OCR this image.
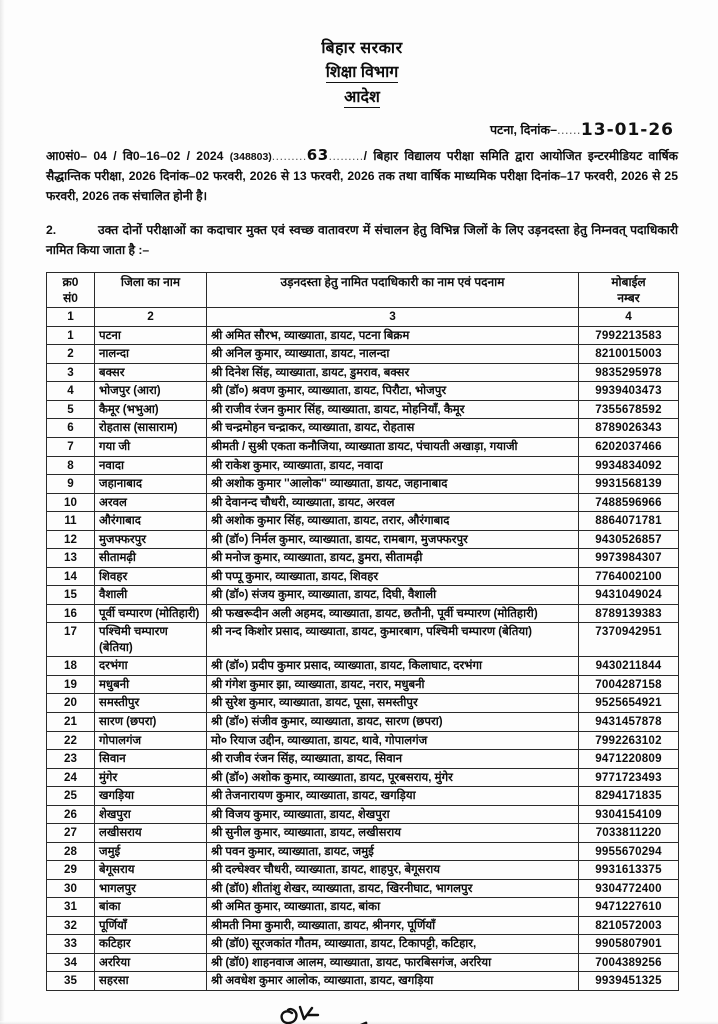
बिहार सरकार
शिक्षा विभाग
आदेश
पटना, दिनांक–......13-01-26
आ0सं0– 04 / वि0–16–02 / 2024 (348803).........63........./ बिहार विद्यालय परीक्षा समिति द्वारा आयोजित इन्टरमीडियट वार्षिक सैद्धान्तिक परीक्षा, 2026 दिनांक–02 फरवरी, 2026 से 13 फरवरी, 2026 तक तथा वार्षिक माध्यमिक परीक्षा दिनांक–17 फरवरी, 2026 से 25 फरवरी, 2026 तक संचालित होनी है।
2.	उक्त दोनों परीक्षाओं का कदाचार मुक्त एवं स्वच्छ वातावरण में संचालन हेतु विभिन्न जिलों के लिए उड़नदस्ता हेतु निम्नवत् पदाधिकारी नामित किया जाता है :–
क्र0
सं0
	जिला का नाम	उड़नदस्ता हेतु नामित पदाधिकारी का नाम एवं पदनाम	मोबाईल
नम्बर

1	2	3	4
1	पटना	श्री अमित सौरभ, व्याख्याता, डायट, पटना बिक्रम	7992213583
2	नालन्दा	श्री अनिल कुमार, व्याख्याता, डायट, नालन्दा	8210015003
3	बक्सर	श्री दिनेश सिंह, व्याख्याता, डायट, डुमराव, बक्सर	9835295978
4	भोजपुर (आरा)	श्री (डॉ०) श्रवण कुमार, व्याख्याता, डायट, पिरौटा, भोजपुर	9939403473
5	कैमूर (भभुआ)	श्री राजीव रंजन कुमार सिंह, व्याख्याता, डायट, मोहनियाँ, कैमूर	7355678592
6	रोहतास (सासाराम)	श्री चन्द्रमोहन चन्द्राकर, व्याख्याता, डायट, रोहतास	8789026343
7	गया जी	श्रीमती / सुश्री एकता कनौजिया, व्याख्याता डायट, पंचायती अखाड़ा, गयाजी	6202037466
8	नवादा	श्री राकेश कुमार, व्याख्याता, डायट, नवादा	9934834092
9	जहानाबाद	श्री अशोक कुमार ''आलोक'' व्याख्याता, डायट, जहानाबाद	9931568139
10	अरवल	श्री देवानन्द चौधरी, व्याख्याता, डायट, अरवल	7488596966
11	औरंगाबाद	श्री अशोक कुमार सिंह, व्याख्याता, डायट, तरार, औरंगाबाद	8864071781
12	मुजफ्फरपुर	श्री (डॉ०) निर्मल कुमार, व्याख्याता, डायट, रामबाग, मुजफ्फरपुर	9430526857
13	सीतामढ़ी	श्री मनोज कुमार, व्याख्याता, डायट, डुमरा, सीतामढ़ी	9973984307
14	शिवहर	श्री पप्पू कुमार, व्याख्याता, डायट, शिवहर	7764002100
15	वैशाली	श्री (डॉ०) संजय कुमार, व्याख्याता, डायट, दिघी, वैशाली	9431049024
16	पूर्वी चम्पारण (मोतिहारी)	श्री फखरूदीन अली अहमद, व्याख्याता, डायट, छतौनी, पूर्वी चम्पारण (मोतिहारी)	8789139383
17	पश्चिमी चम्पारण (बेतिया)	श्री नन्द किशोर प्रसाद, व्याख्याता, डायट, कुमारबाग, पश्चिमी चम्पारण (बेतिया)	7370942951
18	दरभंगा	श्री (डॉ०) प्रदीप कुमार प्रसाद, व्याख्याता, डायट, किलाघाट, दरभंगा	9430211844
19	मधुबनी	श्री गंगेश कुमार झा, व्याख्याता, डायट, नरार, मधुबनी	7004287158
20	समस्तीपुर	श्री सुरेश कुमार, व्याख्याता, डायट, पूसा, समस्तीपुर	9525654921
21	सारण (छपरा)	श्री (डॉ०) संजीव कुमार, व्याख्याता, डायट, सारण (छपरा)	9431457878
22	गोपालगंज	मो० रियाज उद्दीन, व्याख्याता, डायट, थावे, गोपालगंज	7992263102
23	सिवान	श्री राजीव रंजन सिंह, व्याख्याता, डायट, सिवान	9471220809
24	मुंगेर	श्री (डॉ०) अशोक कुमार, व्याख्याता, डायट, पूरबसराय, मुंगेर	9771723493
25	खगड़िया	श्री तेजनारायण कुमार, व्याख्याता, डायट, खगड़िया	8294171835
26	शेखपुरा	श्री विजय कुमार, व्याख्याता, डायट, शेखपुरा	9304154109
27	लखीसराय	श्री सुनील कुमार, व्याख्याता, डायट, लखीसराय	7033811220
28	जमुई	श्री पवन कुमार, व्याख्याता, डायट, जमुई	9955670294
29	बेगूसराय	श्री दल्घेश्वर चौधरी, व्याख्याता, डायट, शाहपुर, बेगूसराय	9931613375
30	भागलपुर	श्री (डॉ0) शीतांशु शेखर, व्याख्याता, डायट, खिरनीघाट, भागलपुर	9304772400
31	बांका	श्री अमित कुमार, व्याख्याता, डायट, बांका	9471227610
32	पूर्णियाँ	श्रीमती निमा कुमारी, व्याख्याता, डायट, श्रीनगर, पूर्णियाँ	8210572003
33	कटिहार	श्री (डॉ0) सूरजकांत गौतम, व्याख्याता, डायट, टिकापट्टी, कटिहार,	9905807901
34	अररिया	श्री (डॉ0) शाहनवाज आलम, व्याख्याता, डायट, फारबिसगंज, अररिया	7004389256
35	सहरसा	श्री अवधेश कुमार आलोक, व्याख्याता, डायट, खगड़िया	9939451325
